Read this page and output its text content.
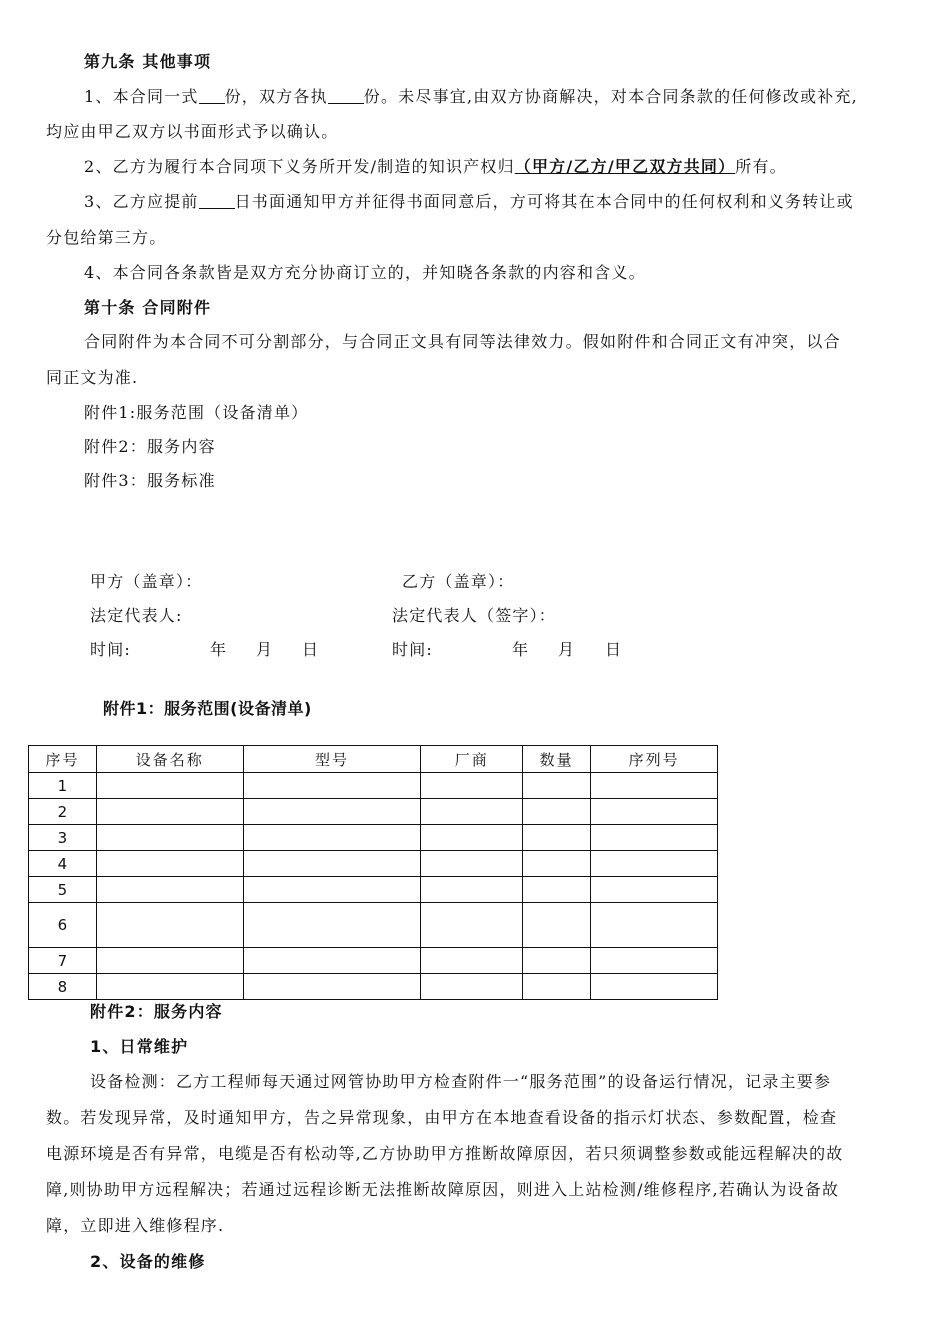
第九条 其他事项
1、本合同一式 份，双方各执 份。未尽事宜,由双方协商解决，对本合同条款的任何修改或补充,
均应由甲乙双方以书面形式予以确认。
2、乙方为履行本合同项下义务所开发/制造的知识产权归（甲方/乙方/甲乙双方共同）所有。
3、乙方应提前 日书面通知甲方并征得书面同意后，方可将其在本合同中的任何权利和义务转让或
分包给第三方。
4、本合同各条款皆是双方充分协商订立的，并知晓各条款的内容和含义。
第十条 合同附件
合同附件为本合同不可分割部分，与合同正文具有同等法律效力。假如附件和合同正文有冲突，以合
同正文为准.
附件1:服务范围（设备清单）
附件2：服务内容
附件3：服务标准
甲方（盖章）：	乙方（盖章）：
法定代表人:	法定代表人（签字）：
时间:	年 月 日	时间:	年 月 日
附件1：服务范围(设备清单)
序号	设备名称	型号	厂商	数量	序列号
1					
2					
3					
4					
5					
6					
7					
8					
附件2：服务内容
1、日常维护
设备检测：乙方工程师每天通过网管协助甲方检查附件一“服务范围”的设备运行情况，记录主要参
数。若发现异常，及时通知甲方，告之异常现象，由甲方在本地查看设备的指示灯状态、参数配置，检查
电源环境是否有异常，电缆是否有松动等,乙方协助甲方推断故障原因，若只须调整参数或能远程解决的故
障,则协助甲方远程解决；若通过远程诊断无法推断故障原因，则进入上站检测/维修程序,若确认为设备故
障，立即进入维修程序.
2、设备的维修
